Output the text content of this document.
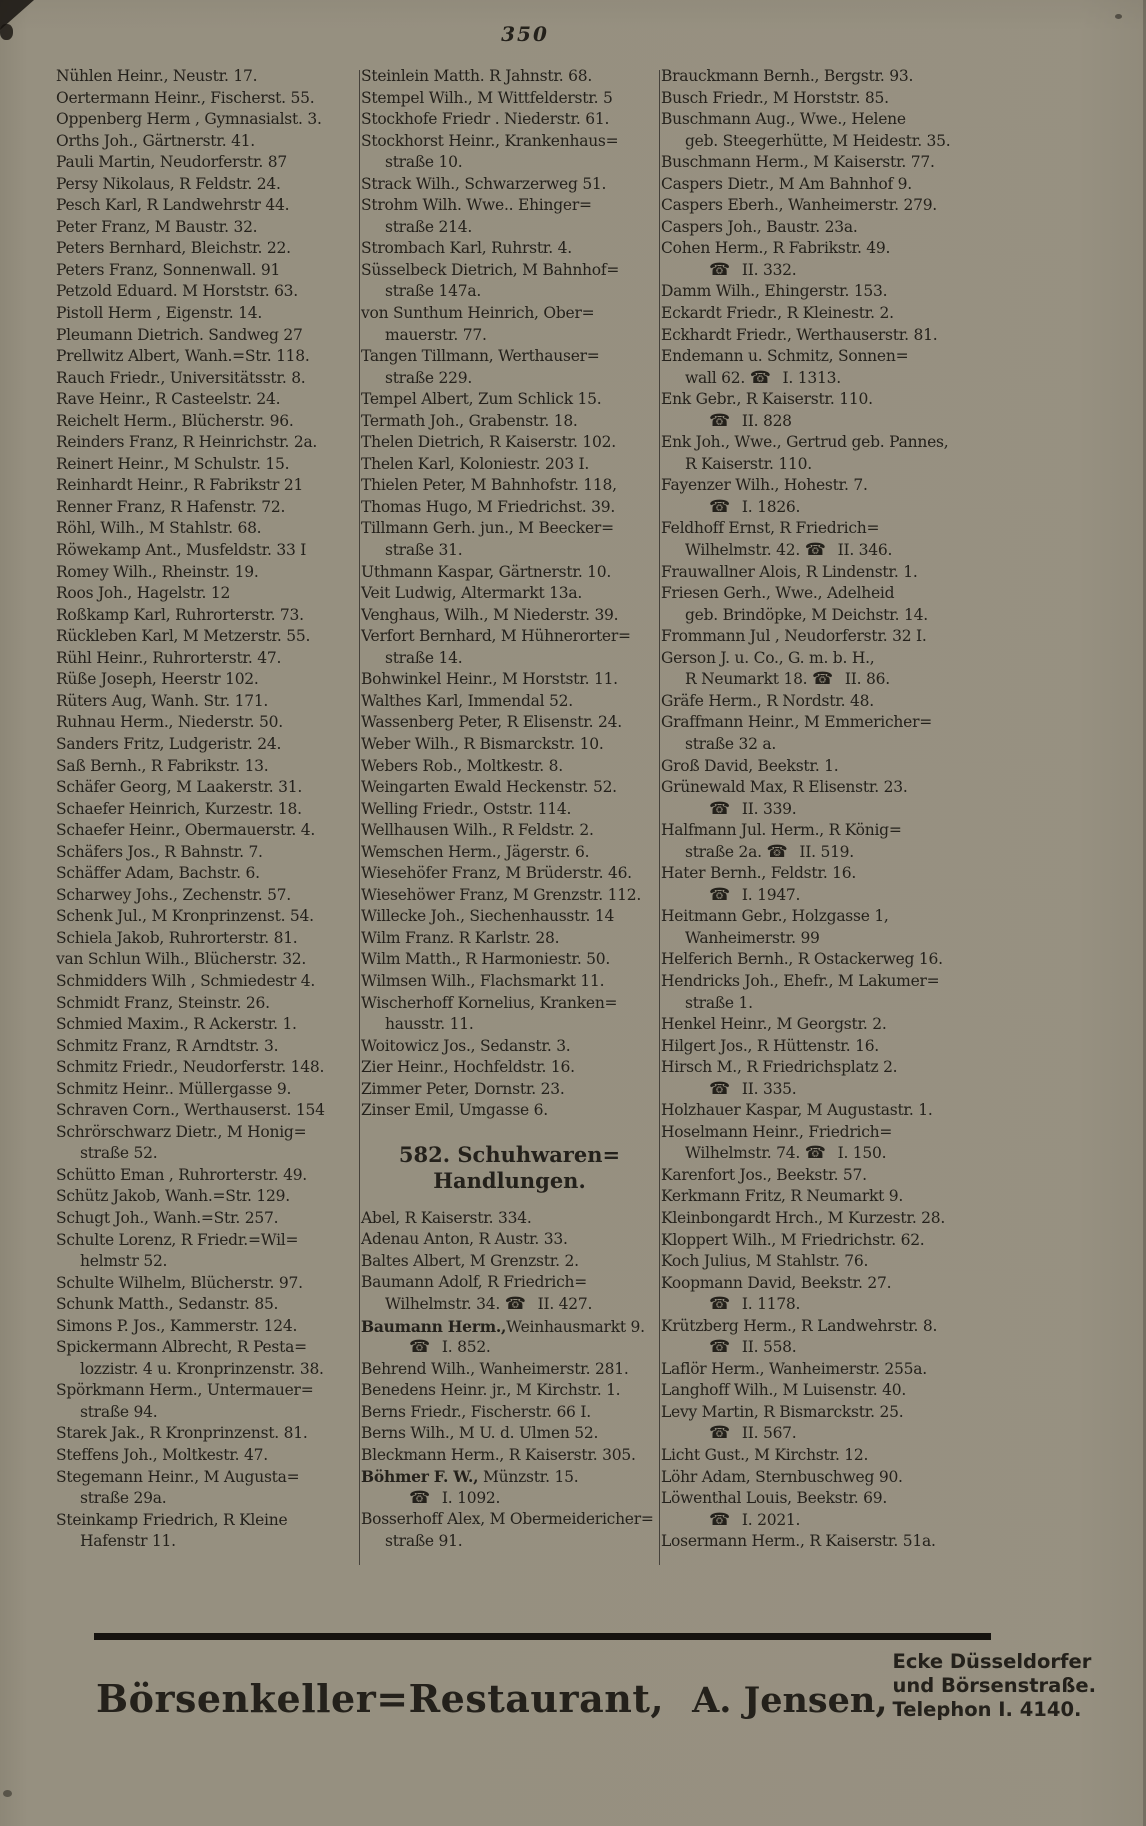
350
Nühlen Heinr., Neustr. 17.
Oertermann Heinr., Fischerst. 55.
Oppenberg Herm , Gymnasialst. 3.
Orths Joh., Gärtnerstr. 41.
Pauli Martin, Neudorferstr. 87
Persy Nikolaus, R Feldstr. 24.
Pesch Karl, R Landwehrstr 44.
Peter Franz, M Baustr. 32.
Peters Bernhard, Bleichstr. 22.
Peters Franz, Sonnenwall. 91
Petzold Eduard. M Horststr. 63.
Pistoll Herm , Eigenstr. 14.
Pleumann Dietrich. Sandweg 27
Prellwitz Albert, Wanh.=Str. 118.
Rauch Friedr., Universitätsstr. 8.
Rave Heinr., R Casteelstr. 24.
Reichelt Herm., Blücherstr. 96.
Reinders Franz, R Heinrichstr. 2a.
Reinert Heinr., M Schulstr. 15.
Reinhardt Heinr., R Fabrikstr 21
Renner Franz, R Hafenstr. 72.
Röhl, Wilh., M Stahlstr. 68.
Röwekamp Ant., Musfeldstr. 33 I
Romey Wilh., Rheinstr. 19.
Roos Joh., Hagelstr. 12
Roßkamp Karl, Ruhrorterstr. 73.
Rückleben Karl, M Metzerstr. 55.
Rühl Heinr., Ruhrorterstr. 47.
Rüße Joseph, Heerstr 102.
Rüters Aug, Wanh. Str. 171.
Ruhnau Herm., Niederstr. 50.
Sanders Fritz, Ludgeristr. 24.
Saß Bernh., R Fabrikstr. 13.
Schäfer Georg, M Laakerstr. 31.
Schaefer Heinrich, Kurzestr. 18.
Schaefer Heinr., Obermauerstr. 4.
Schäfers Jos., R Bahnstr. 7.
Schäffer Adam, Bachstr. 6.
Scharwey Johs., Zechenstr. 57.
Schenk Jul., M Kronprinzenst. 54.
Schiela Jakob, Ruhrorterstr. 81.
van Schlun Wilh., Blücherstr. 32.
Schmidders Wilh , Schmiedestr 4.
Schmidt Franz, Steinstr. 26.
Schmied Maxim., R Ackerstr. 1.
Schmitz Franz, R Arndtstr. 3.
Schmitz Friedr., Neudorferstr. 148.
Schmitz Heinr.. Müllergasse 9.
Schraven Corn., Werthauserst. 154
Schrörschwarz Dietr., M Honig=
straße 52.
Schütto Eman , Ruhrorterstr. 49.
Schütz Jakob, Wanh.=Str. 129.
Schugt Joh., Wanh.=Str. 257.
Schulte Lorenz, R Friedr.=Wil=
helmstr 52.
Schulte Wilhelm, Blücherstr. 97.
Schunk Matth., Sedanstr. 85.
Simons P. Jos., Kammerstr. 124.
Spickermann Albrecht, R Pesta=
lozzistr. 4 u. Kronprinzenstr. 38.
Spörkmann Herm., Untermauer=
straße 94.
Starek Jak., R Kronprinzenst. 81.
Steffens Joh., Moltkestr. 47.
Stegemann Heinr., M Augusta=
straße 29a.
Steinkamp Friedrich, R Kleine
Hafenstr 11.
Steinlein Matth. R Jahnstr. 68.
Stempel Wilh., M Wittfelderstr. 5
Stockhofe Friedr . Niederstr. 61.
Stockhorst Heinr., Krankenhaus=
straße 10.
Strack Wilh., Schwarzerweg 51.
Strohm Wilh. Wwe.. Ehinger=
straße 214.
Strombach Karl, Ruhrstr. 4.
Süsselbeck Dietrich, M Bahnhof=
straße 147a.
von Sunthum Heinrich, Ober=
mauerstr. 77.
Tangen Tillmann, Werthauser=
straße 229.
Tempel Albert, Zum Schlick 15.
Termath Joh., Grabenstr. 18.
Thelen Dietrich, R Kaiserstr. 102.
Thelen Karl, Koloniestr. 203 I.
Thielen Peter, M Bahnhofstr. 118,
Thomas Hugo, M Friedrichst. 39.
Tillmann Gerh. jun., M Beecker=
straße 31.
Uthmann Kaspar, Gärtnerstr. 10.
Veit Ludwig, Altermarkt 13a.
Venghaus, Wilh., M Niederstr. 39.
Verfort Bernhard, M Hühnerorter=
straße 14.
Bohwinkel Heinr., M Horststr. 11.
Walthes Karl, Immendal 52.
Wassenberg Peter, R Elisenstr. 24.
Weber Wilh., R Bismarckstr. 10.
Webers Rob., Moltkestr. 8.
Weingarten Ewald Heckenstr. 52.
Welling Friedr., Oststr. 114.
Wellhausen Wilh., R Feldstr. 2.
Wemschen Herm., Jägerstr. 6.
Wiesehöfer Franz, M Brüderstr. 46.
Wiesehöwer Franz, M Grenzstr. 112.
Willecke Joh., Siechenhausstr. 14
Wilm Franz. R Karlstr. 28.
Wilm Matth., R Harmoniestr. 50.
Wilmsen Wilh., Flachsmarkt 11.
Wischerhoff Kornelius, Kranken=
hausstr. 11.
Woitowicz Jos., Sedanstr. 3.
Zier Heinr., Hochfeldstr. 16.
Zimmer Peter, Dornstr. 23.
Zinser Emil, Umgasse 6.
582. Schuhwaren=
Handlungen.
Abel, R Kaiserstr. 334.
Adenau Anton, R Austr. 33.
Baltes Albert, M Grenzstr. 2.
Baumann Adolf, R Friedrich=
Wilhelmstr. 34. ☎ II. 427.
Baumann Herm.,Weinhausmarkt 9.
☎ I. 852.
Behrend Wilh., Wanheimerstr. 281.
Benedens Heinr. jr., M Kirchstr. 1.
Berns Friedr., Fischerstr. 66 I.
Berns Wilh., M U. d. Ulmen 52.
Bleckmann Herm., R Kaiserstr. 305.
Böhmer F. W., Münzstr. 15.
☎ I. 1092.
Bosserhoff Alex, M Obermeidericher=
straße 91.
Brauckmann Bernh., Bergstr. 93.
Busch Friedr., M Horststr. 85.
Buschmann Aug., Wwe., Helene
geb. Steegerhütte, M Heidestr. 35.
Buschmann Herm., M Kaiserstr. 77.
Caspers Dietr., M Am Bahnhof 9.
Caspers Eberh., Wanheimerstr. 279.
Caspers Joh., Baustr. 23a.
Cohen Herm., R Fabrikstr. 49.
☎ II. 332.
Damm Wilh., Ehingerstr. 153.
Eckardt Friedr., R Kleinestr. 2.
Eckhardt Friedr., Werthauserstr. 81.
Endemann u. Schmitz, Sonnen=
wall 62. ☎ I. 1313.
Enk Gebr., R Kaiserstr. 110.
☎ II. 828
Enk Joh., Wwe., Gertrud geb. Pannes,
R Kaiserstr. 110.
Fayenzer Wilh., Hohestr. 7.
☎ I. 1826.
Feldhoff Ernst, R Friedrich=
Wilhelmstr. 42. ☎ II. 346.
Frauwallner Alois, R Lindenstr. 1.
Friesen Gerh., Wwe., Adelheid
geb. Brindöpke, M Deichstr. 14.
Frommann Jul , Neudorferstr. 32 I.
Gerson J. u. Co., G. m. b. H.,
R Neumarkt 18. ☎ II. 86.
Gräfe Herm., R Nordstr. 48.
Graffmann Heinr., M Emmericher=
straße 32 a.
Groß David, Beekstr. 1.
Grünewald Max, R Elisenstr. 23.
☎ II. 339.
Halfmann Jul. Herm., R König=
straße 2a. ☎ II. 519.
Hater Bernh., Feldstr. 16.
☎ I. 1947.
Heitmann Gebr., Holzgasse 1,
Wanheimerstr. 99
Helferich Bernh., R Ostackerweg 16.
Hendricks Joh., Ehefr., M Lakumer=
straße 1.
Henkel Heinr., M Georgstr. 2.
Hilgert Jos., R Hüttenstr. 16.
Hirsch M., R Friedrichsplatz 2.
☎ II. 335.
Holzhauer Kaspar, M Augustastr. 1.
Hoselmann Heinr., Friedrich=
Wilhelmstr. 74. ☎ I. 150.
Karenfort Jos., Beekstr. 57.
Kerkmann Fritz, R Neumarkt 9.
Kleinbongardt Hrch., M Kurzestr. 28.
Kloppert Wilh., M Friedrichstr. 62.
Koch Julius, M Stahlstr. 76.
Koopmann David, Beekstr. 27.
☎ I. 1178.
Krützberg Herm., R Landwehrstr. 8.
☎ II. 558.
Laflör Herm., Wanheimerstr. 255a.
Langhoff Wilh., M Luisenstr. 40.
Levy Martin, R Bismarckstr. 25.
☎ II. 567.
Licht Gust., M Kirchstr. 12.
Löhr Adam, Sternbuschweg 90.
Löwenthal Louis, Beekstr. 69.
☎ I. 2021.
Losermann Herm., R Kaiserstr. 51a.
Börsenkeller=Restaurant, A. Jensen,
Ecke Düsseldorfer
und Börsenstraße.
Telephon I. 4140.
